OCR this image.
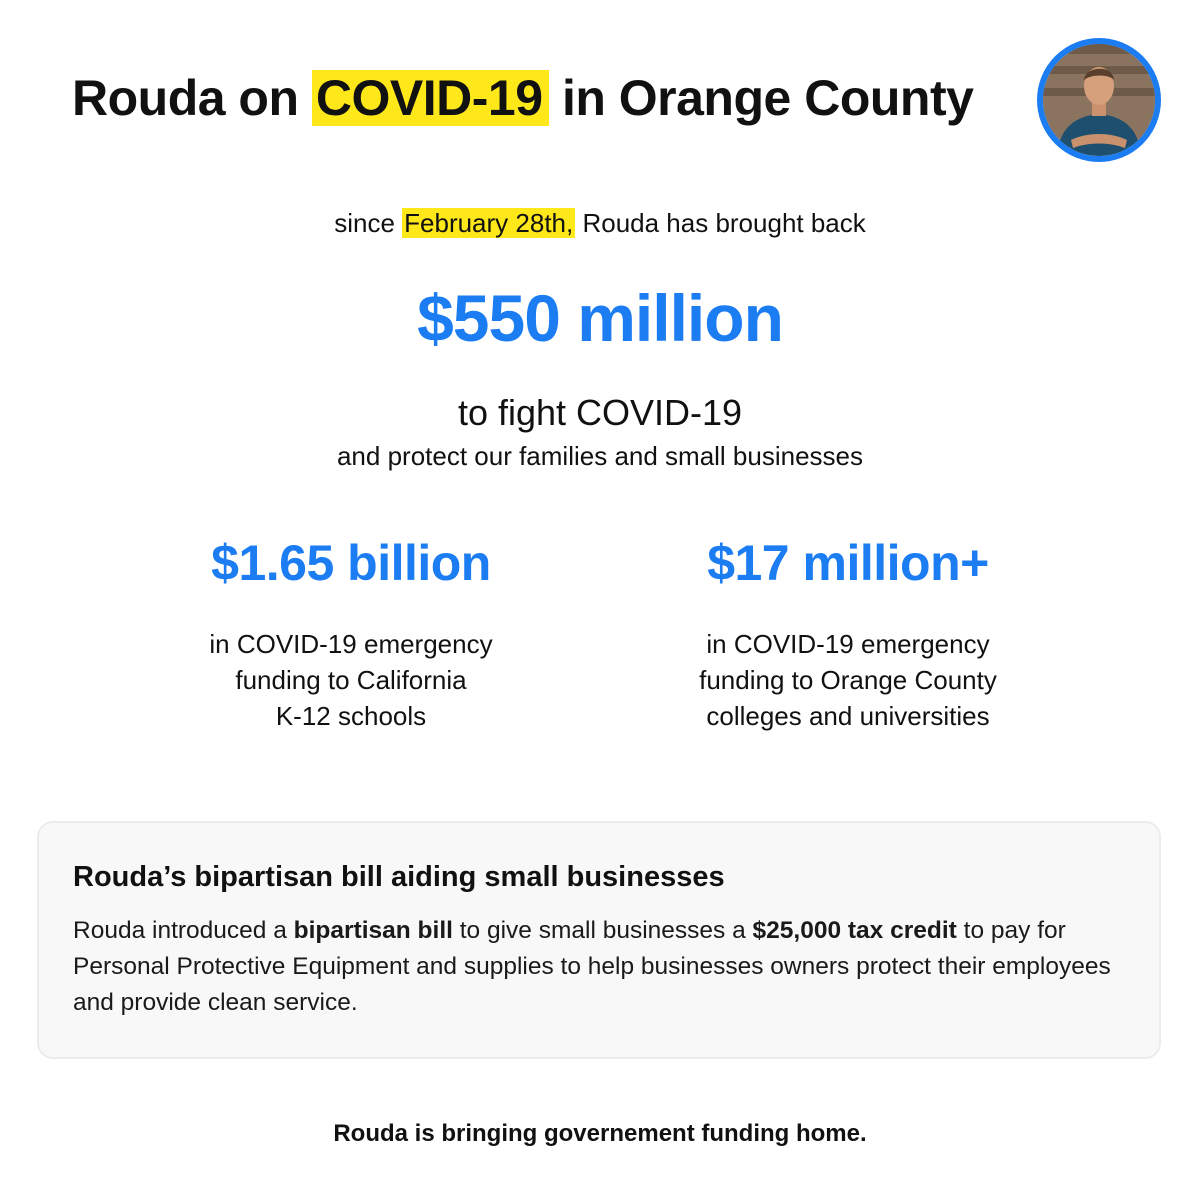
Rouda on COVID-19 in Orange County
since February 28th, Rouda has brought back
$550 million
to fight COVID-19
and protect our families and small businesses
$1.65 billion
in COVID-19 emergency
funding to California
K-12 schools
$17 million+
in COVID-19 emergency
funding to Orange County
colleges and universities
Rouda’s bipartisan bill aiding small businesses

Rouda introduced a bipartisan bill to give small businesses a $25,000 tax credit to pay for Personal Protective Equipment and supplies to help businesses owners protect their employees and provide clean service.

Rouda is bringing governement funding home.
